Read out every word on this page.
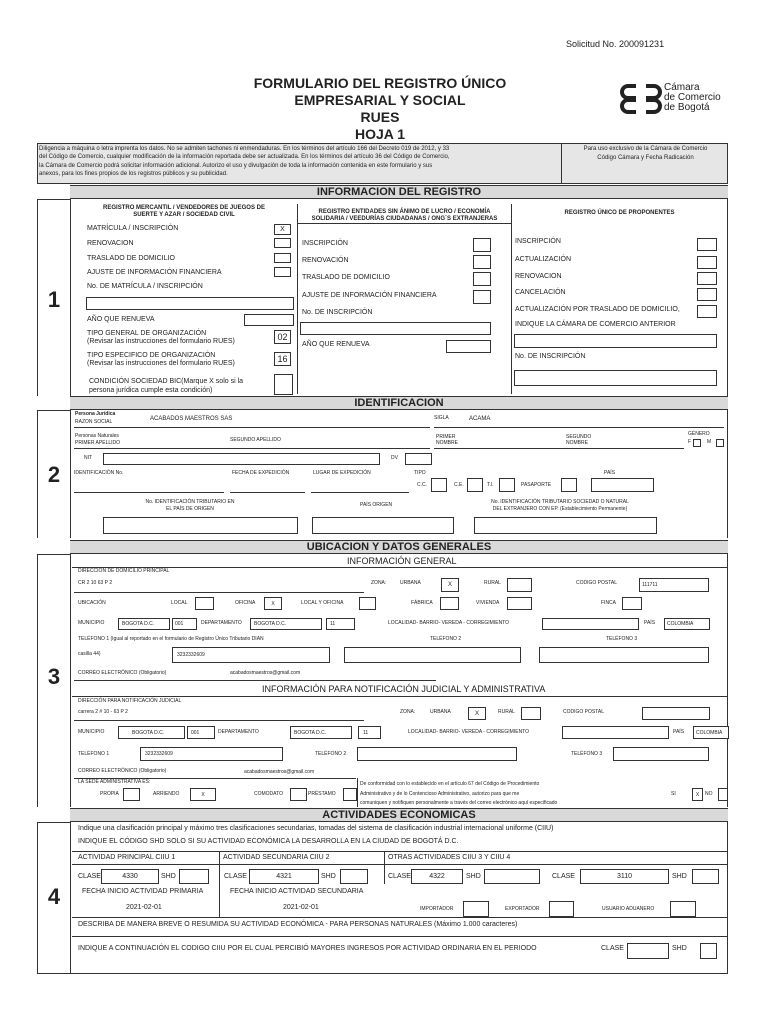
Solicitud No. 200091231
FORMULARIO DEL REGISTRO ÚNICO
EMPRESARIAL Y SOCIAL
RUES
HOJA 1
Cámara
de Comercio
de Bogotá
Diligencia a máquina o letra imprenta los datos. No se admiten tachones ni enmendaduras. En los términos del artículo 166 del Decreto 019 de 2012, y 33
del Código de Comercio, cualquier modificación de la información reportada debe ser actualizada. En los términos del artículo 36 del Código de Comercio,
la Cámara de Comercio podrá solicitar información adicional. Autorizo el uso y divulgación de toda la información contenida en este formulario y sus
anexos, para los fines propios de los registros públicos y su publicidad.
Para uso exclusivo de la Cámara de Comercio
Código Cámara y Fecha Radicación
INFORMACION DEL REGISTRO
1
REGISTRO MERCANTIL / VENDEDORES DE JUEGOS DE
SUERTE Y AZAR / SOCIEDAD CIVIL
MATRÍCULA / INSCRIPCIÓN	X
RENOVACION
TRASLADO DE DOMICILIO
AJUSTE DE INFORMACIÓN FINANCIERA
No. DE MATRÍCULA / INSCRIPCIÓN
AÑO QUE RENUEVA
TIPO GENERAL DE ORGANIZACIÓN
(Revisar las instrucciones del formulario RUES)	02
TIPO ESPECIFICO DE ORGANIZACIÓN
(Revisar las instrucciones del formulario RUES)	16
CONDICIÓN SOCIEDAD BIC(Marque X solo si la
persona jurídica cumple esta condición)
REGISTRO ENTIDADES SIN ÁNIMO DE LUCRO / ECONOMÍA
SOLIDARIA / VEEDURÍAS CIUDADANAS / ONG´S EXTRANJERAS
INSCRIPCIÓN
RENOVACIÓN
TRASLADO DE DOMICILIO
AJUSTE DE INFORMACIÓN FINANCIERA
No. DE INSCRIPCIÓN
AÑO QUE RENUEVA
REGISTRO ÚNICO DE PROPONENTES
INSCRIPCIÓN
ACTUALIZACIÓN
RENOVACION
CANCELACIÓN
ACTUALIZACIÓN POR TRASLADO DE DOMICILIO,
INDIQUE LA CÁMARA DE COMERCIO ANTERIOR
No. DE INSCRIPCIÓN
IDENTIFICACION
2
Persona Jurídica
RAZON SOCIAL	ACABADOS MAESTROS SAS	SIGLA	ACAMA
Personas Naturales
PRIMER APELLIDO	SEGUNDO APELLIDO	PRIMER
NOMBRE
SEGUNDO
NOMBRE
GÉNERO
F	M
NIT	DV
IDENTIFICACIÓN No.	FECHA DE EXPEDICIÓN	LUGAR DE EXPEDICIÓN	TIPO
C.C.	C.E.	T.I.	PASAPORTE
PAÍS
No. IDENTIFICACIÓN TRIBUTARIO EN
EL PAÍS DE ORIGEN
PAÍS ORIGEN	No. IDENTIFICACIÓN TRIBUTARIO SOCIEDAD O NATURAL
DEL EXTRANJERO CON EP. (Establecimiento Permanente)
UBICACION Y DATOS GENERALES
3
INFORMACIÓN GENERAL
DIRECCIÓN DE DOMICILIO PRINCIPAL
CR 2 10 63 P 2	ZONA:	URBANA	X	RURAL	CODIGO POSTAL	111711
UBICACIÓN	LOCAL	OFICINA	X	LOCAL Y OFICINA	FÁBRICA	VIVIENDA	FINCA
MUNICIPIO	BOGOTA D.C.	001	DEPARTAMENTO	BOGOTA D.C.	11	LOCALIDAD- BARRIO- VEREDA - CORREGIMIENTO	PAÍS	COLOMBIA
TELÉFONO 1 (Igual al reportado en el formulario de Registro Único Tributario DIAN	TELÉFONO 2	TELÉFONO 3
casilla 44)	3232332609
CORREO ELECTRÓNICO (Obligatorio)	acabadosmaestros@gmail.com
INFORMACIÓN PARA NOTIFICACIÓN JUDICIAL Y ADMINISTRATIVA
DIRECCIÓN PARA NOTIFICACIÓN JUDICIAL
carrera 2 # 10 - 63 P 2	ZONA:	URBANA	X	RURAL	CODIGO POSTAL
MUNICIPIO	BOGOTA D.C.	001	DEPARTAMENTO	BOGOTA D.C.	11	LOCALIDAD- BARRIO- VEREDA - CORREGIMIENTO	PAÍS	COLOMBIA
TELÉFONO 1	3232332609	TELÉFONO 2	TELÉFONO 3
CORREO ELECTRÓNICO (Obligatorio)	acabadosmaestros@gmail.com
LA SEDE ADMINISTRATIVA ES:
PROPIA	ARRIENDO	X	COMODATO	PRÉSTAMO
De conformidad con lo establecido en el artículo 67 del Código de Procedimiento
Administrativo y de lo Contencioso Administrativo, autorizo para que me
comuniquen y notifiquen personalmente a través del correo electrónico aquí especificado
SI	X	NO
ACTIVIDADES ECONOMICAS
4
Indique una clasificación principal y máximo tres clasificaciones secundarias, tomadas del sistema de clasificación industrial internacional uniforme (CIIU)
INDIQUE EL CÓDIGO SHD SOLO SI SU ACTIVIDAD ECONÓMICA LA DESARROLLA EN LA CIUDAD DE BOGOTÁ D.C.
ACTIVIDAD PRINCIPAL CIIU 1	ACTIVIDAD SECUNDARIA CIIU 2	OTRAS ACTIVIDADES CIIU 3 Y CIIU 4
CLASE	4330	SHD	CLASE	4321	SHD	CLASE	4322	SHD	CLASE	3110	SHD
FECHA INICIO ACTIVIDAD PRIMARIA	FECHA INICIO ACTIVIDAD SECUNDARIA
2021-02-01	2021-02-01	IMPORTADOR	EXPORTADOR	USUARIO ADUANERO
DESCRIBA DE MANERA BREVE O RESUMIDA SU ACTIVIDAD ECONÓMICA - PARA PERSONAS NATURALES (Máximo 1.000 caracteres)
INDIQUE A CONTINUACIÓN EL CODIGO CIIU POR EL CUAL PERCIBIÓ MAYORES INGRESOS POR ACTIVIDAD ORDINARIA EN EL PERIODO	CLASE	SHD
